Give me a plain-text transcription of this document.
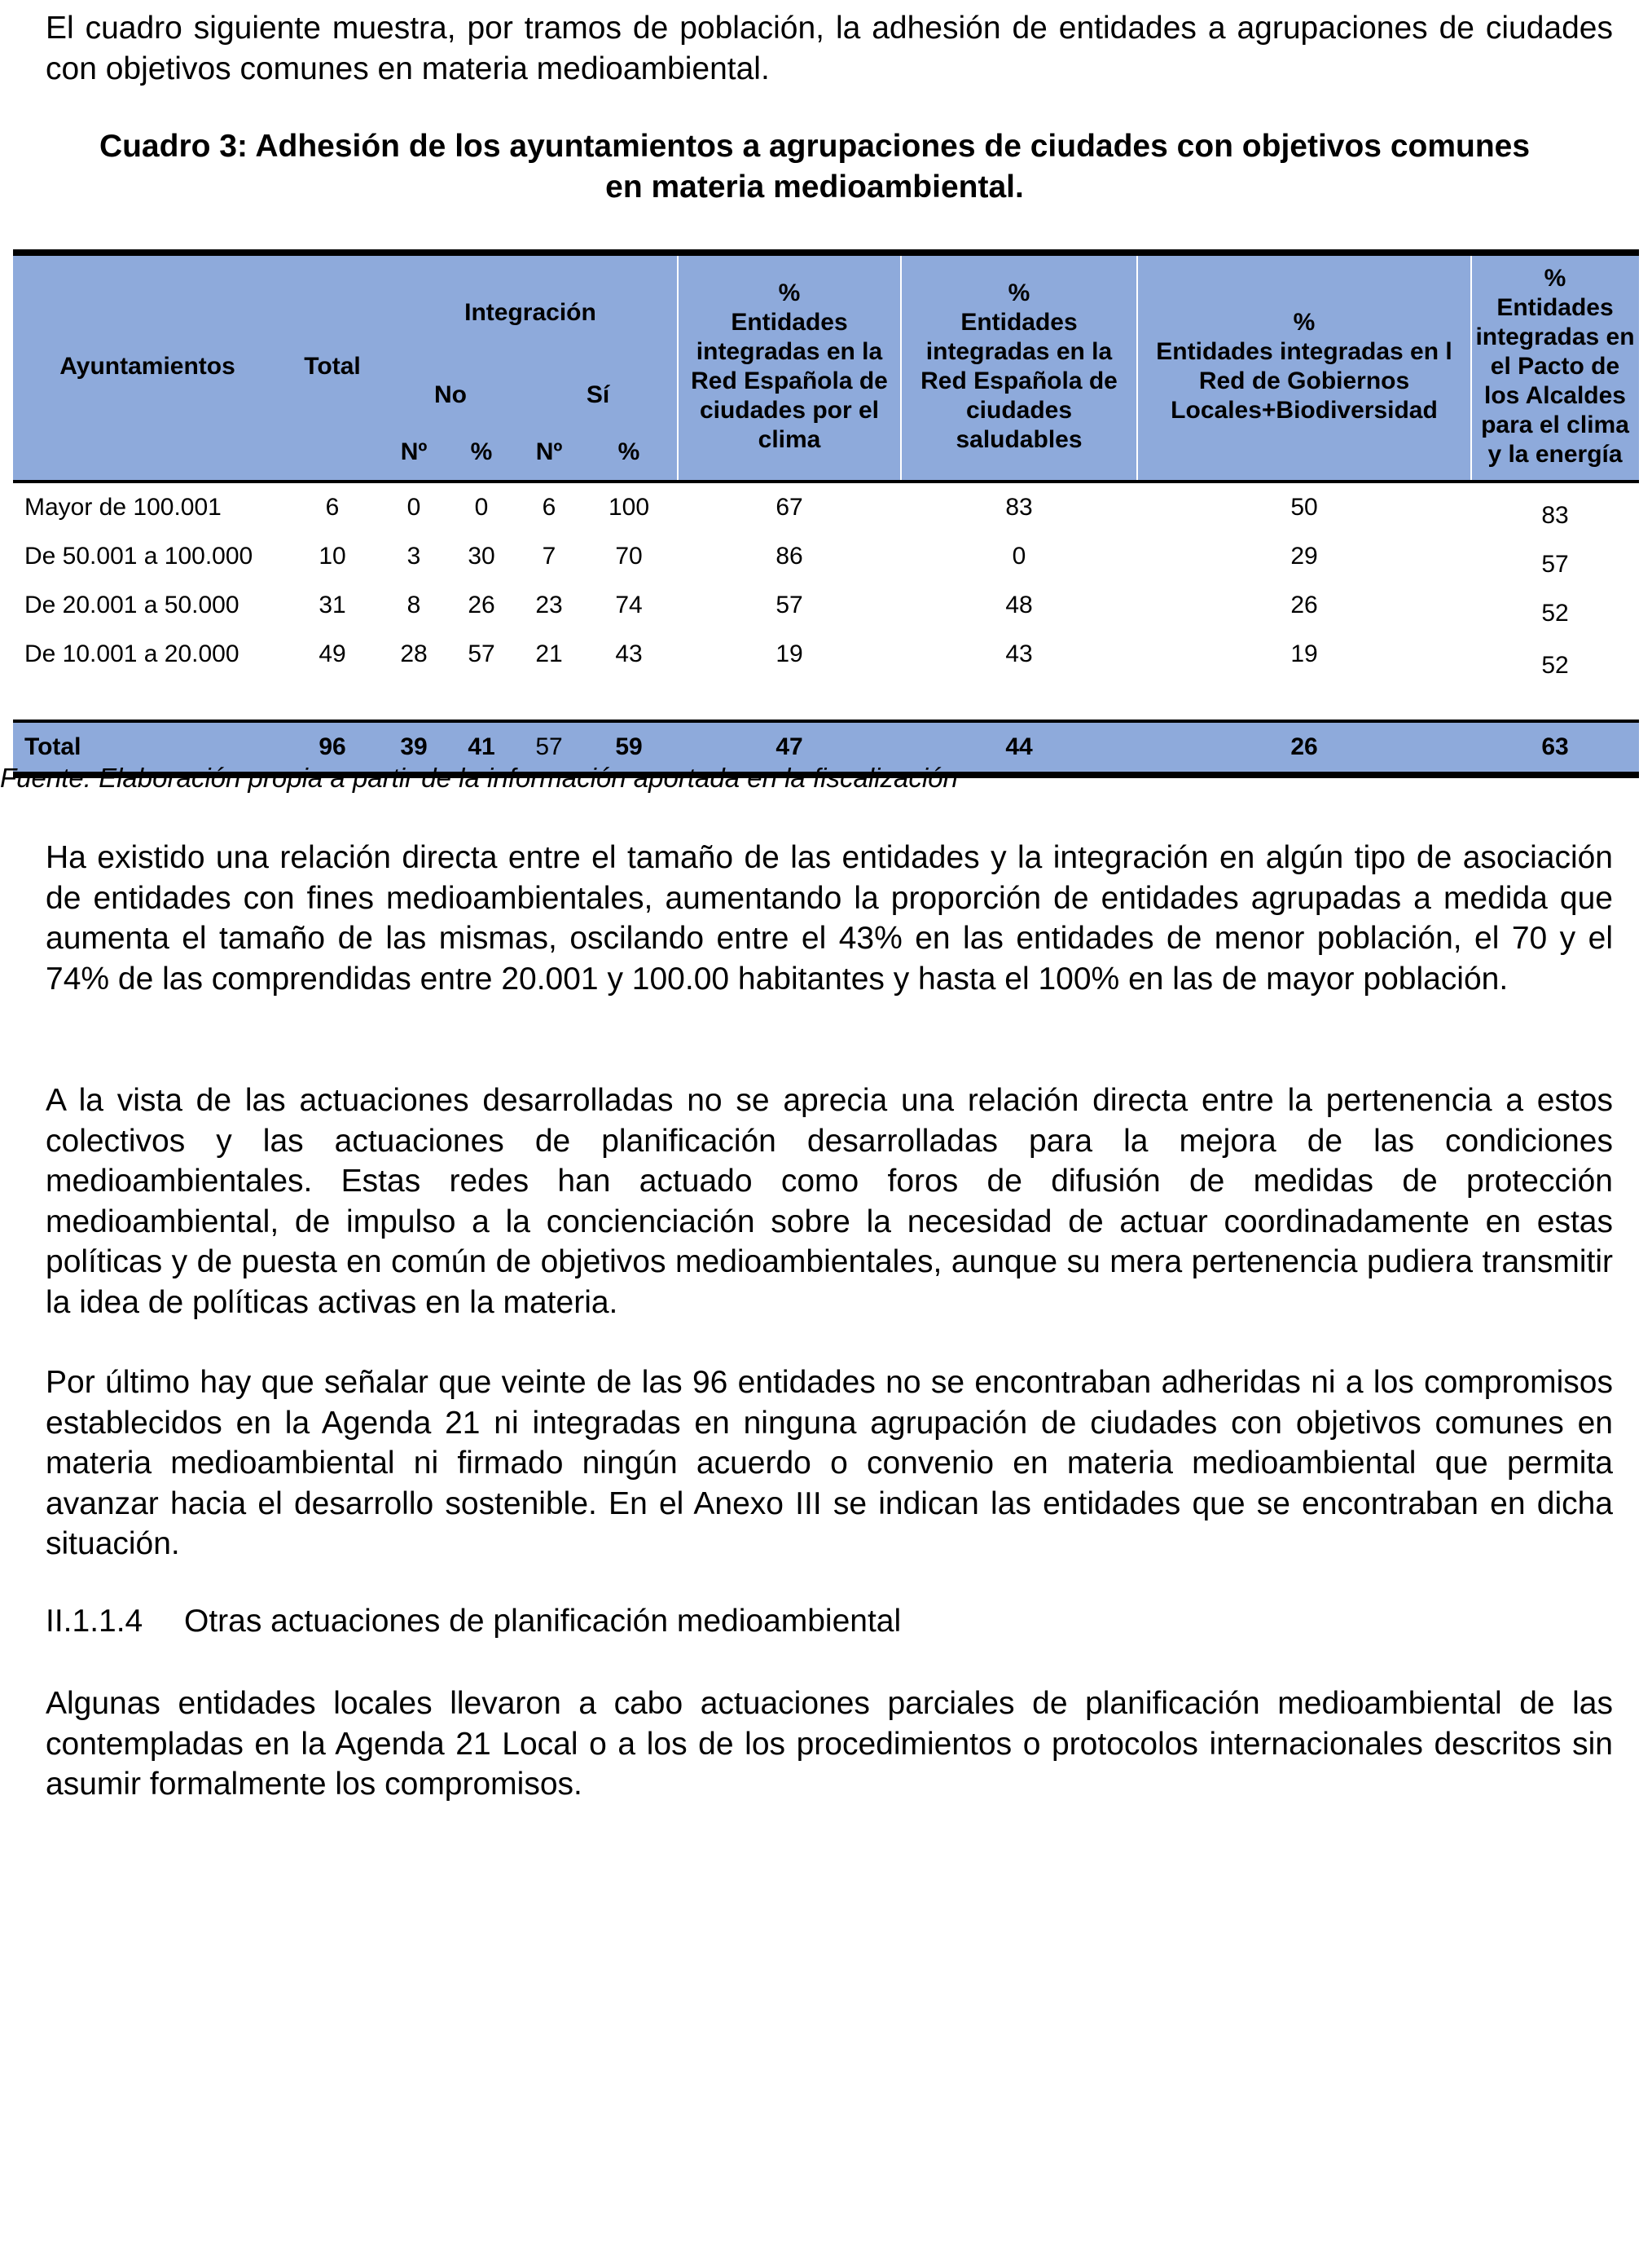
El cuadro siguiente muestra, por tramos de población, la adhesión de entidades a agrupaciones de ciudades con objetivos comunes en materia medioambiental.

Cuadro 3: Adhesión de los ayuntamientos a agrupaciones de ciudades con objetivos comunes en materia medioambiental.

Ayuntamientos	Total
Integración
No	Sí
Nº	%	Nº	%
%
Entidades
integradas en la
Red Española de
ciudades por el
clima
%
Entidades
integradas en la
Red Española de
ciudades
saludables
%
Entidades integradas en l
Red de Gobiernos
Locales+Biodiversidad
%
Entidades
integradas en
el Pacto de
los Alcaldes
para el clima
y la energía
Mayor de 100.001	6	0	0	6	100	67	83	50	83
De 50.001 a 100.000	10	3	30	7	70	86	0	29	57
De 20.001 a 50.000	31	8	26	23	74	57	48	26	52
De 10.001 a 20.000	49	28	57	21	43	19	43	19	52
Total	96	39	41	57	59	47	44	26	63

Fuente: Elaboración propia a partir de la información aportada en la fiscalización

Ha existido una relación directa entre el tamaño de las entidades y la integración en algún tipo de asociación de entidades con fines medioambientales, aumentando la proporción de entidades agrupadas a medida que aumenta el tamaño de las mismas, oscilando entre el 43% en las entidades de menor población, el 70 y el 74% de las comprendidas entre 20.001 y 100.00 habitantes y hasta el 100% en las de mayor población.

A la vista de las actuaciones desarrolladas no se aprecia una relación directa entre la pertenencia a estos colectivos y las actuaciones de planificación desarrolladas para la mejora de las condiciones medioambientales. Estas redes han actuado como foros de difusión de medidas de protección medioambiental, de impulso a la concienciación sobre la necesidad de actuar coordinadamente en estas políticas y de puesta en común de objetivos medioambientales, aunque su mera pertenencia pudiera transmitir la idea de políticas activas en la materia.

Por último hay que señalar que veinte de las 96 entidades no se encontraban adheridas ni a los compromisos establecidos en la Agenda 21 ni integradas en ninguna agrupación de ciudades con objetivos comunes en materia medioambiental ni firmado ningún acuerdo o convenio en materia medioambiental que permita avanzar hacia el desarrollo sostenible. En el Anexo III se indican las entidades que se encontraban en dicha situación.

II.1.1.4 Otras actuaciones de planificación medioambiental

Algunas entidades locales llevaron a cabo actuaciones parciales de planificación medioambiental de las contempladas en la Agenda 21 Local o a los de los procedimientos o protocolos internacionales descritos sin asumir formalmente los compromisos.
